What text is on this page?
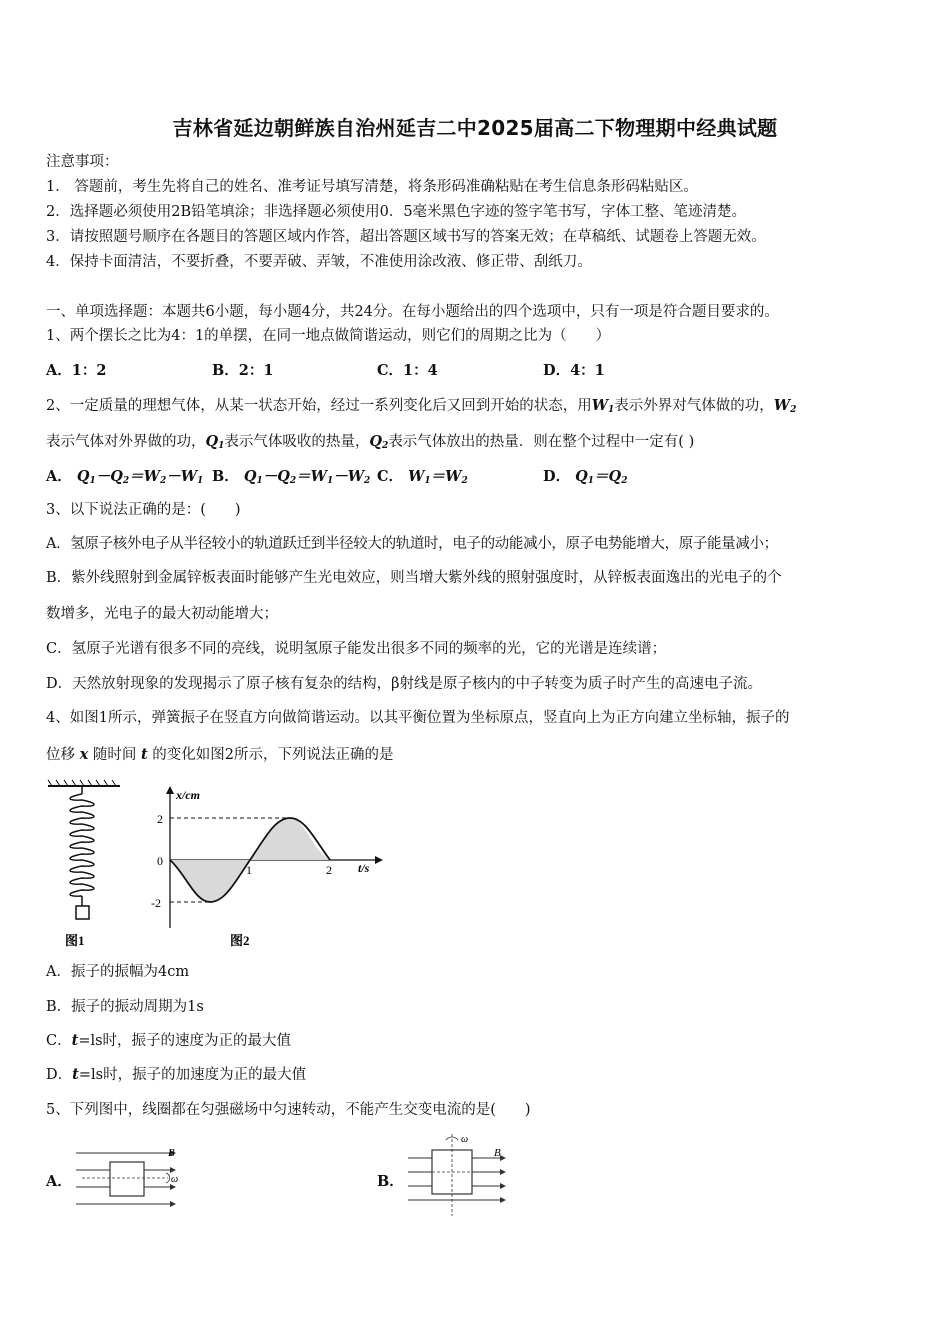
吉林省延边朝鲜族自治州延吉二中2025届高二下物理期中经典试题
注意事项：
1． 答题前，考生先将自己的姓名、准考证号填写清楚，将条形码准确粘贴在考生信息条形码粘贴区。
2．选择题必须使用2B铅笔填涂；非选择题必须使用0．5毫米黑色字迹的签字笔书写，字体工整、笔迹清楚。
3．请按照题号顺序在各题目的答题区域内作答，超出答题区域书写的答案无效；在草稿纸、试题卷上答题无效。
4．保持卡面清洁，不要折叠，不要弄破、弄皱，不准使用涂改液、修正带、刮纸刀。
一、单项选择题：本题共6小题，每小题4分，共24分。在每小题给出的四个选项中，只有一项是符合题目要求的。
1、两个摆长之比为4：1的单摆，在同一地点做简谐运动，则它们的周期之比为（　　）
A．1：2	B．2：1	C．1：4	D．4：1
2、一定质量的理想气体，从某一状态开始，经过一系列变化后又回到开始的状态，用$W_1$表示外界对气体做的功，$W_2$
表示气体对外界做的功，$Q_1$表示气体吸收的热量，$Q_2$表示气体放出的热量．则在整个过程中一定有( )
A． $Q_1-Q_2=W_2-W_1$ B． $Q_1-Q_2=W_1-W_2$ C． $W_1=W_2$	D． $Q_1=Q_2$
3、以下说法正确的是：(　　)
A．氢原子核外电子从半径较小的轨道跃迁到半径较大的轨道时，电子的动能减小，原子电势能增大，原子能量减小；
B．紫外线照射到金属锌板表面时能够产生光电效应，则当增大紫外线的照射强度时，从锌板表面逸出的光电子的个
数增多，光电子的最大初动能增大；
C．氢原子光谱有很多不同的亮线，说明氢原子能发出很多不同的频率的光，它的光谱是连续谱；
D．天然放射现象的发现揭示了原子核有复杂的结构，β射线是原子核内的中子转变为质子时产生的高速电子流。
4、如图1所示，弹簧振子在竖直方向做简谐运动。以其平衡位置为坐标原点，竖直向上为正方向建立坐标轴，振子的
位移 x 随时间 t 的变化如图2所示，下列说法正确的是
图1
x/cm
t/s
2
0
-2
1	2
图2
A．振子的振幅为4cm
B．振子的振动周期为1s
C．t=ls时，振子的速度为正的最大值
D．t=ls时，振子的加速度为正的最大值
5、下列图中，线圈都在匀强磁场中匀速转动，不能产生交变电流的是(　　)
A．
B
ω	B．
ω
B
